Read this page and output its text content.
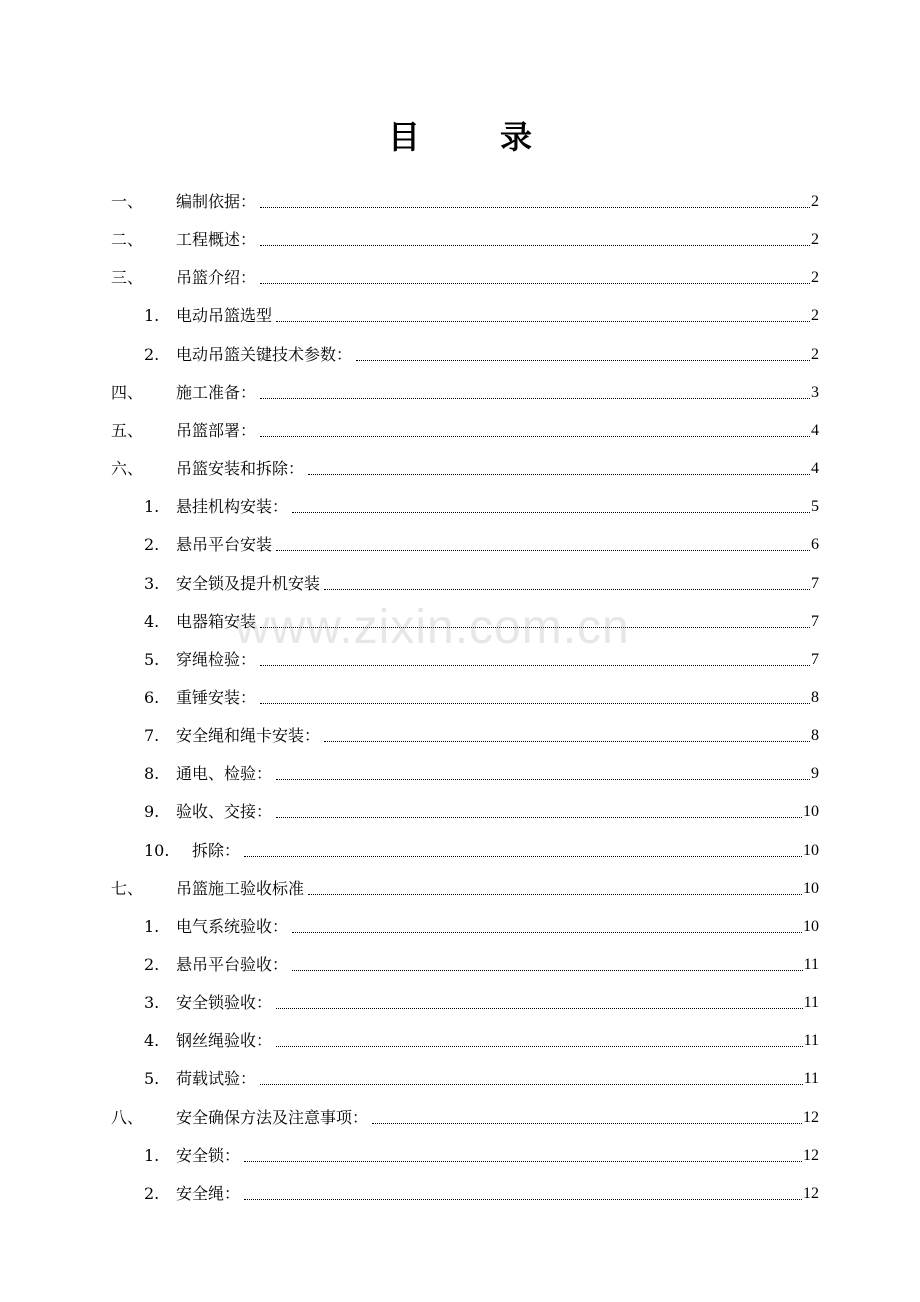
目	录
一、	编制依据：	2
二、	工程概述：	2
三、	吊篮介绍：	2
1.	电动吊篮选型	2
2.	电动吊篮关键技术参数：	2
四、	施工准备：	3
五、	吊篮部署：	4
六、	吊篮安装和拆除：	4
1.	悬挂机构安装：	5
2.	悬吊平台安装	6
3.	安全锁及提升机安装	7
4.	电器箱安装	7
5.	穿绳检验：	7
6.	重锤安装：	8
7.	安全绳和绳卡安装：	8
8.	通电、检验：	9
9.	验收、交接：	10
10.	拆除：	10
七、	吊篮施工验收标准	10
1.	电气系统验收：	10
2.	悬吊平台验收：	11
3.	安全锁验收：	11
4.	钢丝绳验收：	11
5.	荷载试验：	11
八、	安全确保方法及注意事项：	12
1.	安全锁：	12
2.	安全绳：	12
www.zixin.com.cn
